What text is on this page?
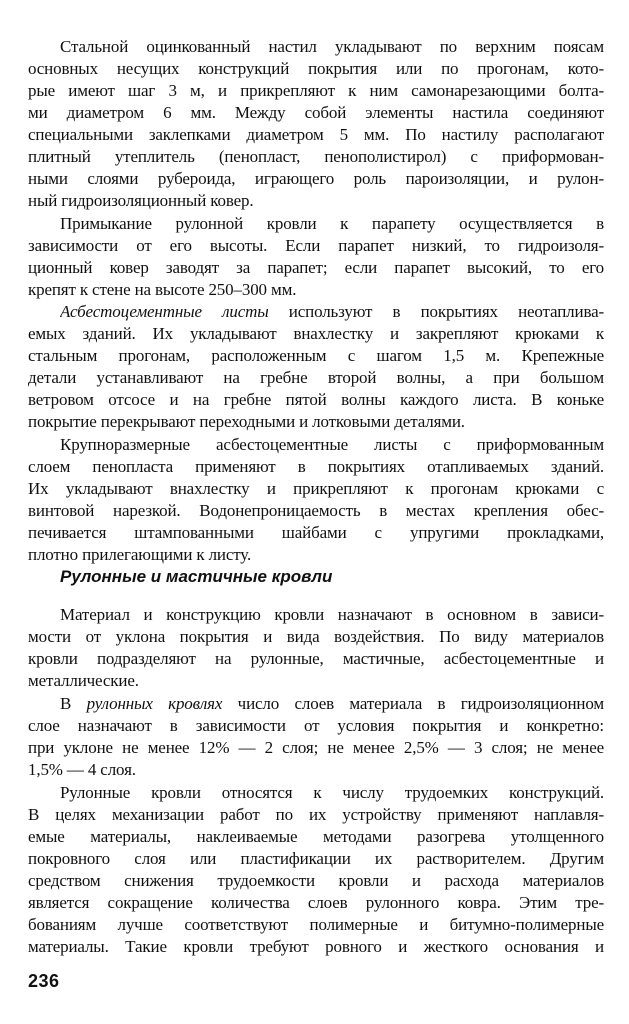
Стальной оцинкованный настил укладывают по верхним поясам
основных несущих конструкций покрытия или по прогонам, кото-
рые имеют шаг 3 м, и прикрепляют к ним самонарезающими болта-
ми диаметром 6 мм. Между собой элементы настила соединяют
специальными заклепками диаметром 5 мм. По настилу располагают
плитный утеплитель (пенопласт, пенополистирол) с приформован-
ными слоями рубероида, играющего роль пароизоляции, и рулон-
ный гидроизоляционный ковер.
Примыкание рулонной кровли к парапету осуществляется в
зависимости от его высоты. Если парапет низкий, то гидроизоля-
ционный ковер заводят за парапет; если парапет высокий, то его
крепят к стене на высоте 250–300 мм.
Асбестоцементные листы используют в покрытиях неотаплива-
емых зданий. Их укладывают внахлестку и закрепляют крюками к
стальным прогонам, расположенным с шагом 1,5 м. Крепежные
детали устанавливают на гребне второй волны, а при большом
ветровом отсосе и на гребне пятой волны каждого листа. В коньке
покрытие перекрывают переходными и лотковыми деталями.
Крупноразмерные асбестоцементные листы с приформованным
слоем пенопласта применяют в покрытиях отапливаемых зданий.
Их укладывают внахлестку и прикрепляют к прогонам крюками с
винтовой нарезкой. Водонепроницаемость в местах крепления обес-
печивается штампованными шайбами с упругими прокладками,
плотно прилегающими к листу.
Рулонные и мастичные кровли
Материал и конструкцию кровли назначают в основном в зависи-
мости от уклона покрытия и вида воздействия. По виду материалов
кровли подразделяют на рулонные, мастичные, асбестоцементные и
металлические.
В рулонных кровлях число слоев материала в гидроизоляционном
слое назначают в зависимости от условия покрытия и конкретно:
при уклоне не менее 12% — 2 слоя; не менее 2,5% — 3 слоя; не менее
1,5% — 4 слоя.
Рулонные кровли относятся к числу трудоемких конструкций.
В целях механизации работ по их устройству применяют наплавля-
емые материалы, наклеиваемые методами разогрева утолщенного
покровного слоя или пластификации их растворителем. Другим
средством снижения трудоемкости кровли и расхода материалов
является сокращение количества слоев рулонного ковра. Этим тре-
бованиям лучше соответствуют полимерные и битумно-полимерные
материалы. Такие кровли требуют ровного и жесткого основания и
236
